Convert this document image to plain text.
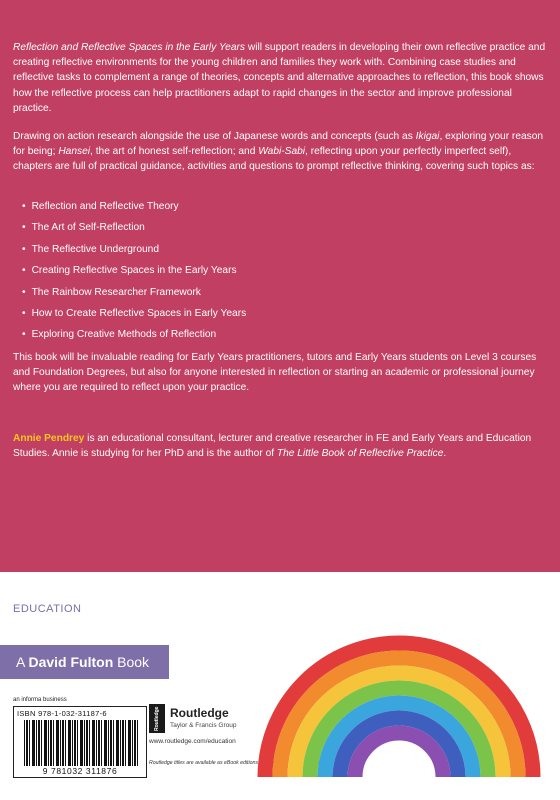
Reflection and Reflective Spaces in the Early Years will support readers in developing their own reflective practice and creating reflective environments for the young children and families they work with. Combining case studies and reflective tasks to complement a range of theories, concepts and alternative approaches to reflection, this book shows how the reflective process can help practitioners adapt to rapid changes in the sector and improve professional practice.
Drawing on action research alongside the use of Japanese words and concepts (such as Ikigai, exploring your reason for being; Hansei, the art of honest self-reflection; and Wabi-Sabi, reflecting upon your perfectly imperfect self), chapters are full of practical guidance, activities and questions to prompt reflective thinking, covering such topics as:
• Reflection and Reflective Theory
• The Art of Self-Reflection
• The Reflective Underground
• Creating Reflective Spaces in the Early Years
• The Rainbow Researcher Framework
• How to Create Reflective Spaces in Early Years
• Exploring Creative Methods of Reflection
This book will be invaluable reading for Early Years practitioners, tutors and Early Years students on Level 3 courses and Foundation Degrees, but also for anyone interested in reflection or starting an academic or professional journey where you are required to reflect upon your practice.
Annie Pendrey is an educational consultant, lecturer and creative researcher in FE and Early Years and Education Studies. Annie is studying for her PhD and is the author of The Little Book of Reflective Practice.
EDUCATION
A David Fulton Book
an informa business
ISBN 978-1-032-31187-6
9 781032 311876
Routledge Routledge
Taylor & Francis Group
www.routledge.com/education
Routledge titles are available as eBook editions in a range of digital formats
